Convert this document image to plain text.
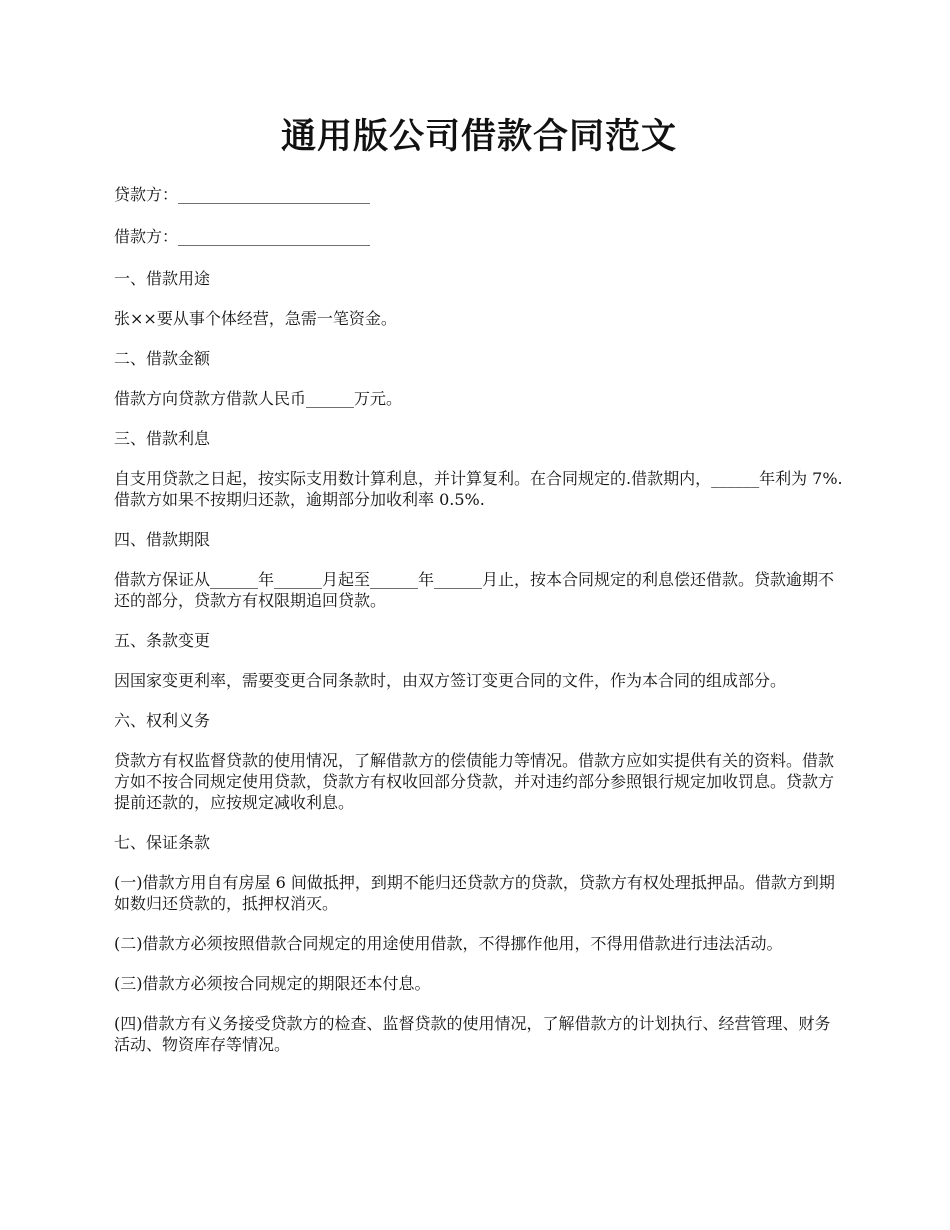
通用版公司借款合同范文

贷款方：________________________

借款方：________________________

一、借款用途

张××要从事个体经营，急需一笔资金。

二、借款金额

借款方向贷款方借款人民币______万元。

三、借款利息

自支用贷款之日起，按实际支用数计算利息，并计算复利。在合同规定的.借款期内，______年利为 7%.借款方如果不按期归还款，逾期部分加收利率 0.5%.

四、借款期限

借款方保证从______年______月起至______年______月止，按本合同规定的利息偿还借款。贷款逾期不还的部分，贷款方有权限期追回贷款。

五、条款变更

因国家变更利率，需要变更合同条款时，由双方签订变更合同的文件，作为本合同的组成部分。

六、权利义务

贷款方有权监督贷款的使用情况，了解借款方的偿债能力等情况。借款方应如实提供有关的资料。借款方如不按合同规定使用贷款，贷款方有权收回部分贷款，并对违约部分参照银行规定加收罚息。贷款方提前还款的，应按规定减收利息。

七、保证条款

(一)借款方用自有房屋 6 间做抵押，到期不能归还贷款方的贷款，贷款方有权处理抵押品。借款方到期如数归还贷款的，抵押权消灭。

(二)借款方必须按照借款合同规定的用途使用借款，不得挪作他用，不得用借款进行违法活动。

(三)借款方必须按合同规定的期限还本付息。

(四)借款方有义务接受贷款方的检查、监督贷款的使用情况，了解借款方的计划执行、经营管理、财务活动、物资库存等情况。
